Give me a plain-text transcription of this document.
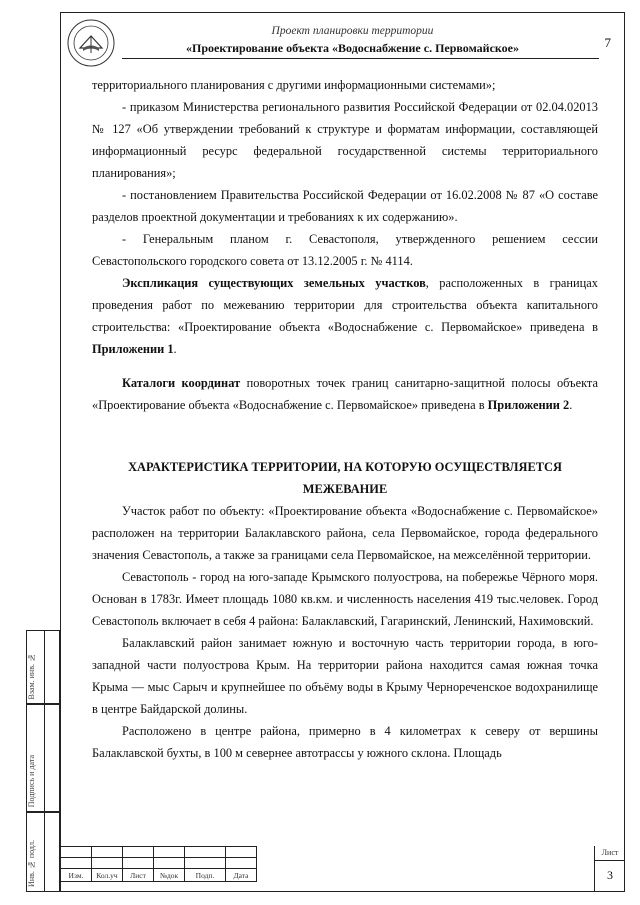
Проект планировки территории
«Проектирование объекта «Водоснабжение с. Первомайское»	7

территориального планирования с другими информационными системами»;

- приказом Министерства регионального развития Российской Федерации от 02.04.02013 № 127 «Об утверждении требований к структуре и форматам информации, составляющей информационный ресурс федеральной государственной системы территориального планирования»;

- постановлением Правительства Российской Федерации от 16.02.2008 № 87 «О составе разделов проектной документации и требованиях к их содержанию».

- Генеральным планом г. Севастополя, утвержденного решением сессии Севастопольского городского совета от 13.12.2005 г. № 4114.

Экспликация существующих земельных участков, расположенных в границах проведения работ по межеванию территории для строительства объекта капитального строительства: «Проектирование объекта «Водоснабжение с. Первомайское» приведена в Приложении 1.

Каталоги координат поворотных точек границ санитарно-защитной полосы объекта «Проектирование объекта «Водоснабжение с. Первомайское» приведена в Приложении 2.

ХАРАКТЕРИСТИКА ТЕРРИТОРИИ, НА КОТОРУЮ ОСУЩЕСТВЛЯЕТСЯ МЕЖЕВАНИЕ

Участок работ по объекту: «Проектирование объекта «Водоснабжение с. Первомайское» расположен на территории Балаклавского района, села Первомайское, города федерального значения Севастополь, а также за границами села Первомайское, на межселённой территории.

Севастополь - город на юго-западе Крымского полуострова, на побережье Чёрного моря. Основан в 1783г. Имеет площадь 1080 кв.км. и численность населения 419 тыс.человек. Город Севастополь включает в себя 4 района: Балаклавский, Гагаринский, Ленинский, Нахимовский.

Балаклавский район занимает южную и восточную часть территории города, в юго-западной части полуострова Крым. На территории района находится самая южная точка Крыма — мыс Сарыч и крупнейшее по объёму воды в Крыму Чернореченское водохранилище в центре Байдарской долины.

Расположено в центре района, примерно в 4 километрах к северу от вершины Балаклавской бухты, в 100 м севернее автотрассы у южного склона. Площадь

Взам. инв. №
Подпись и дата
Инв. № подл.

						Изм.	Кол.уч	Лист	№док	Подп.	Дата
Лист
3
